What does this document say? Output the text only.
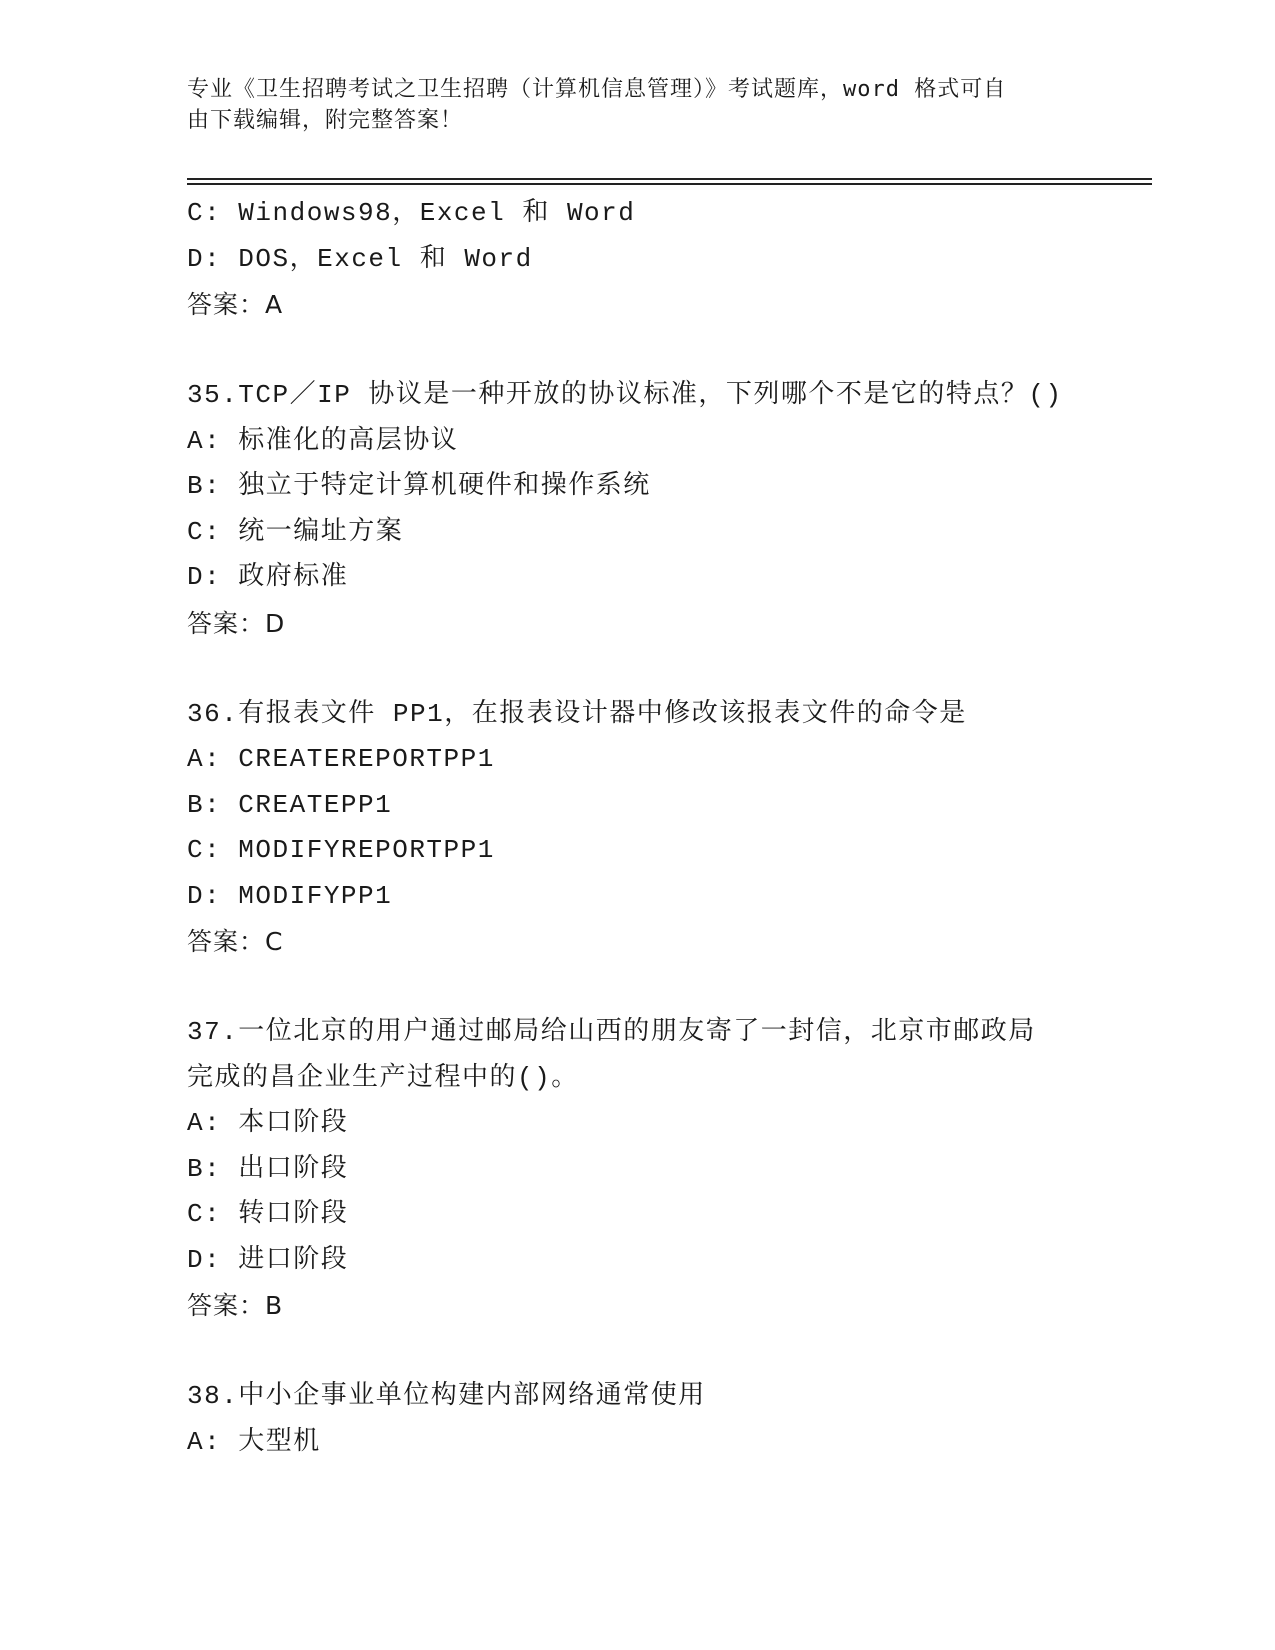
专业《卫生招聘考试之卫生招聘（计算机信息管理）》考试题库，word 格式可自
由下载编辑，附完整答案！
C: Windows98，Excel 和 Word
D: DOS，Excel 和 Word
答案：A
35.TCP／IP 协议是一种开放的协议标准，下列哪个不是它的特点？()
A: 标准化的高层协议
B: 独立于特定计算机硬件和操作系统
C: 统一编址方案
D: 政府标准
答案：D
36.有报表文件 PP1，在报表设计器中修改该报表文件的命令是
A: CREATEREPORTPP1
B: CREATEPP1
C: MODIFYREPORTPP1
D: MODIFYPP1
答案：C
37.一位北京的用户通过邮局给山西的朋友寄了一封信，北京市邮政局
完成的昌企业生产过程中的()。
A: 本口阶段
B: 出口阶段
C: 转口阶段
D: 进口阶段
答案：B
38.中小企事业单位构建内部网络通常使用
A: 大型机
